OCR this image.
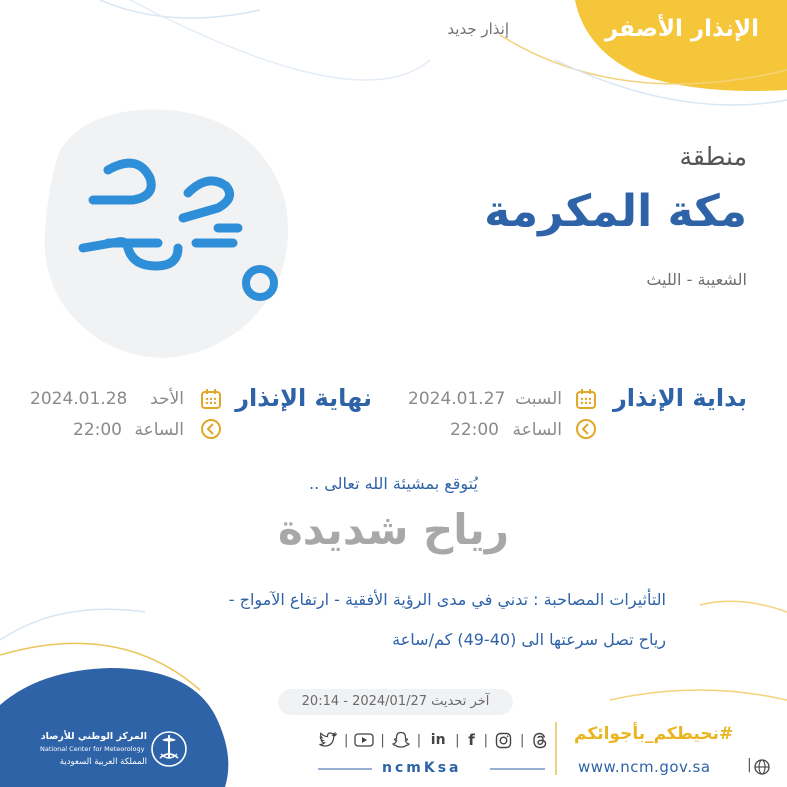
الإنذار الأصفر
إنذار جديد
منطقة
مكة المكرمة
الشعيبة - الليث
بداية الإنذار
السبت
2024.01.27
الساعة
22:00
نهاية الإنذار
الأحد
2024.01.28
الساعة
22:00
يُتوقع بمشيئة الله تعالى ..
رياح شديدة
التأثيرات المصاحبة : تدني في مدى الرؤية الأفقية - ارتفاع الآمواج -
رياح تصل سرعتها الى (40-49) كم/ساعة
آخر تحديث 2024/01/27 - 20:14
#نحيطكم_بأجوائكم
|
www.ncm.gov.sa
| | | in | f | |
ncmKsa
المركز الوطني للأرصاد
National Center for Meteorology
المملكة العربية السعودية
